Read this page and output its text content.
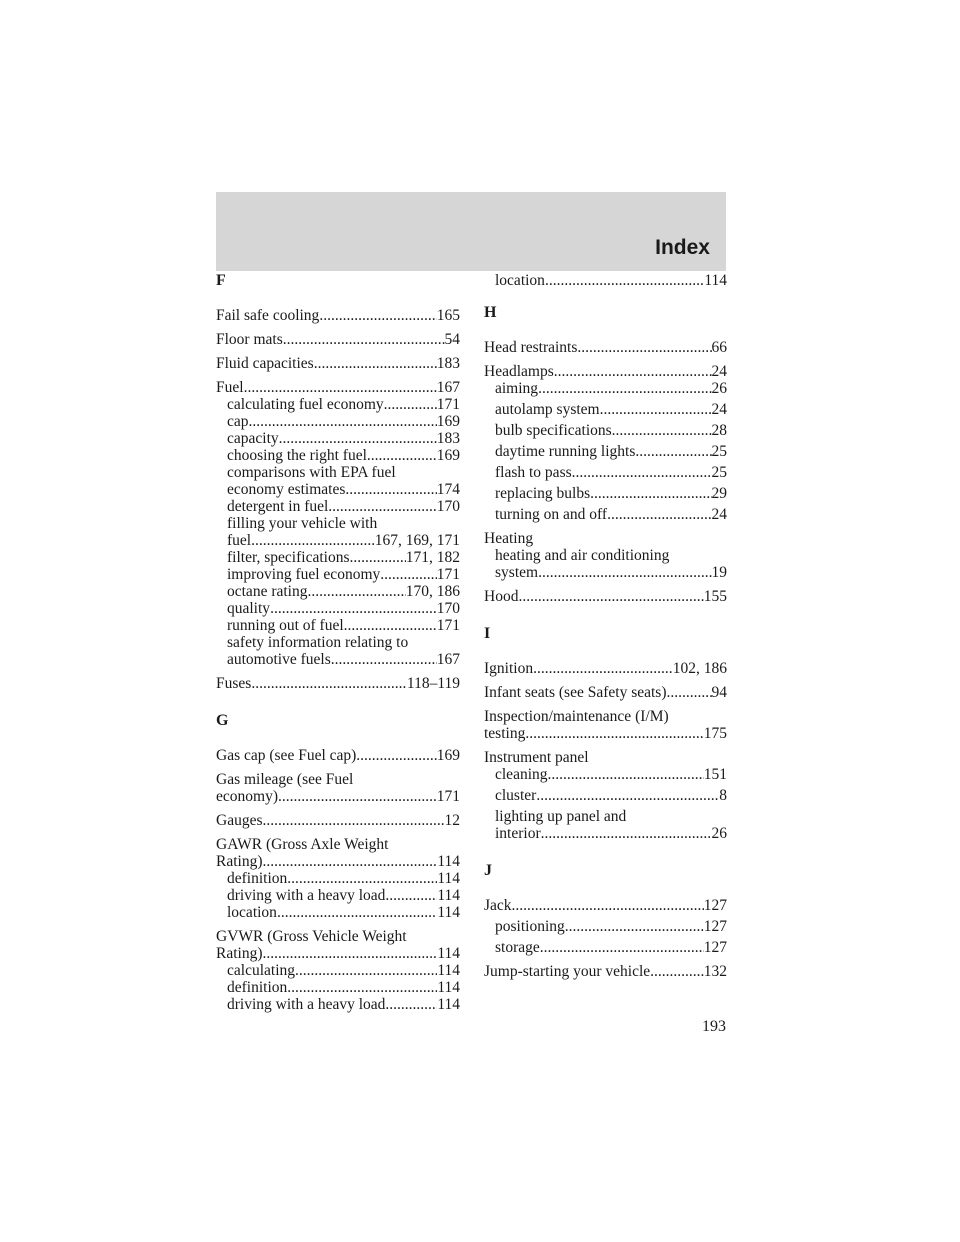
Index
F
Fail safe cooling .....	165
Floor mats .....	54
Fluid capacities .....	183
Fuel .....	167
calculating fuel economy .....	171
cap .....	169
capacity .....	183
choosing the right fuel .....	169
comparisons with EPA fuel
economy estimates .....	174
detergent in fuel .....	170
filling your vehicle with
fuel .....	167, 169, 171
filter, specifications .....	171, 182
improving fuel economy .....	171
octane rating .....	170, 186
quality .....	170
running out of fuel .....	171
safety information relating to
automotive fuels .....	167
Fuses .....	118–119
G
Gas cap (see Fuel cap) .....	169
Gas mileage (see Fuel
economy) .....	171
Gauges .....	12
GAWR (Gross Axle Weight
Rating) .....	114
definition .....	114
driving with a heavy load .....	114
location .....	114
GVWR (Gross Vehicle Weight
Rating) .....	114
calculating .....	114
definition .....	114
driving with a heavy load .....	114
location .....	114
H
Head restraints .....	66
Headlamps .....	24
aiming .....	26
autolamp system .....	24
bulb specifications .....	28
daytime running lights .....	25
flash to pass .....	25
replacing bulbs .....	29
turning on and off .....	24
Heating
heating and air conditioning
system .....	19
Hood .....	155
I
Ignition .....	102, 186
Infant seats (see Safety seats) .....	94
Inspection/maintenance (I/M)
testing .....	175
Instrument panel
cleaning .....	151
cluster .....	8
lighting up panel and
interior .....	26
J
Jack .....	127
positioning .....	127
storage .....	127
Jump-starting your vehicle .....	132
193
